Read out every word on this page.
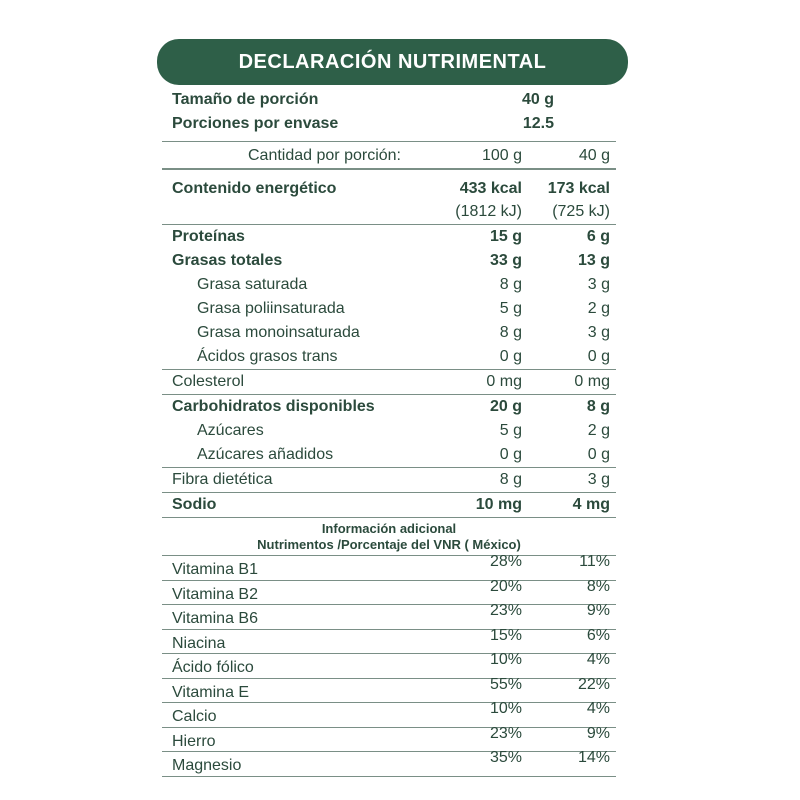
DECLARACIÓN NUTRIMENTAL
Tamaño de porción	40 g
Porciones por envase	12.5
Cantidad por porción:	100 g	40 g
Contenido energético	433 kcal 173 kcal
(1812 kJ) (725 kJ)
Proteínas	15 g	6 g
Grasas totales	33 g	13 g
Grasa saturada	8 g	3 g
Grasa poliinsaturada	5 g	2 g
Grasa monoinsaturada	8 g	3 g
Ácidos grasos trans	0 g	0 g
Colesterol	0 mg	0 mg
Carbohidratos disponibles	20 g	8 g
Azúcares	5 g	2 g
Azúcares añadidos	0 g	0 g
Fibra dietética	8 g	3 g
Sodio	10 mg	4 mg
Información adicional
Nutrimentos /Porcentaje del VNR ( México)
Vitamina B1	28%	11%
Vitamina B2	20%	8%
Vitamina B6	23%	9%
Niacina	15%	6%
Ácido fólico	10%	4%
Vitamina E	55%	22%
Calcio	10%	4%
Hierro	23%	9%
Magnesio	35%	14%
